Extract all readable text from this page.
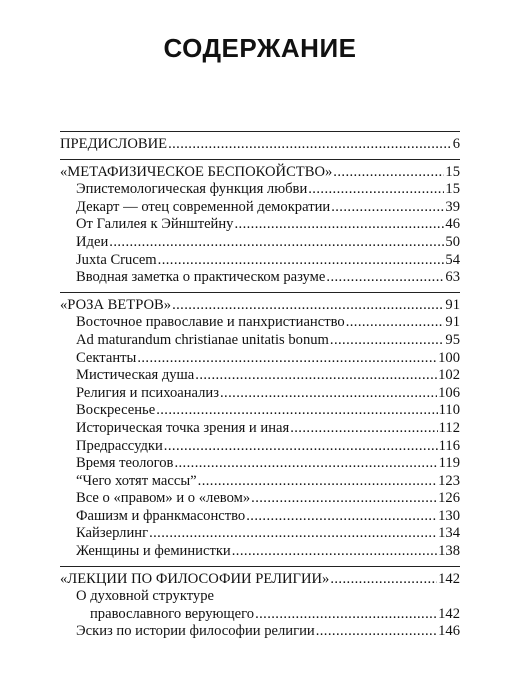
СОДЕРЖАНИЕ
ПРЕДИСЛОВИЕ .....	6
«МЕТАФИЗИЧЕСКОЕ БЕСПОКОЙСТВО» .....	15
Эпистемологическая функция любви .....	15
Декарт — отец современной демократии .....	39
От Галилея к Эйнштейну .....	46
Идеи .....	50
Juxta Crucem .....	54
Вводная заметка о практическом разуме .....	63
«РОЗА ВЕТРОВ» .....	91
Восточное православие и панхристианство .....	91
Ad maturandum christianae unitatis bonum .....	95
Сектанты .....	100
Мистическая душа .....	102
Религия и психоанализ .....	106
Воскресенье .....	110
Историческая точка зрения и иная .....	112
Предрассудки .....	116
Время теологов .....	119
“Чего хотят массы” .....	123
Все о «правом» и о «левом» .....	126
Фашизм и франкмасонство .....	130
Кайзерлинг .....	134
Женщины и феминистки .....	138
«ЛЕКЦИИ ПО ФИЛОСОФИИ РЕЛИГИИ» .....	142
О духовной структуре
православного верующего .....	142
Эскиз по истории философии религии .....	146
